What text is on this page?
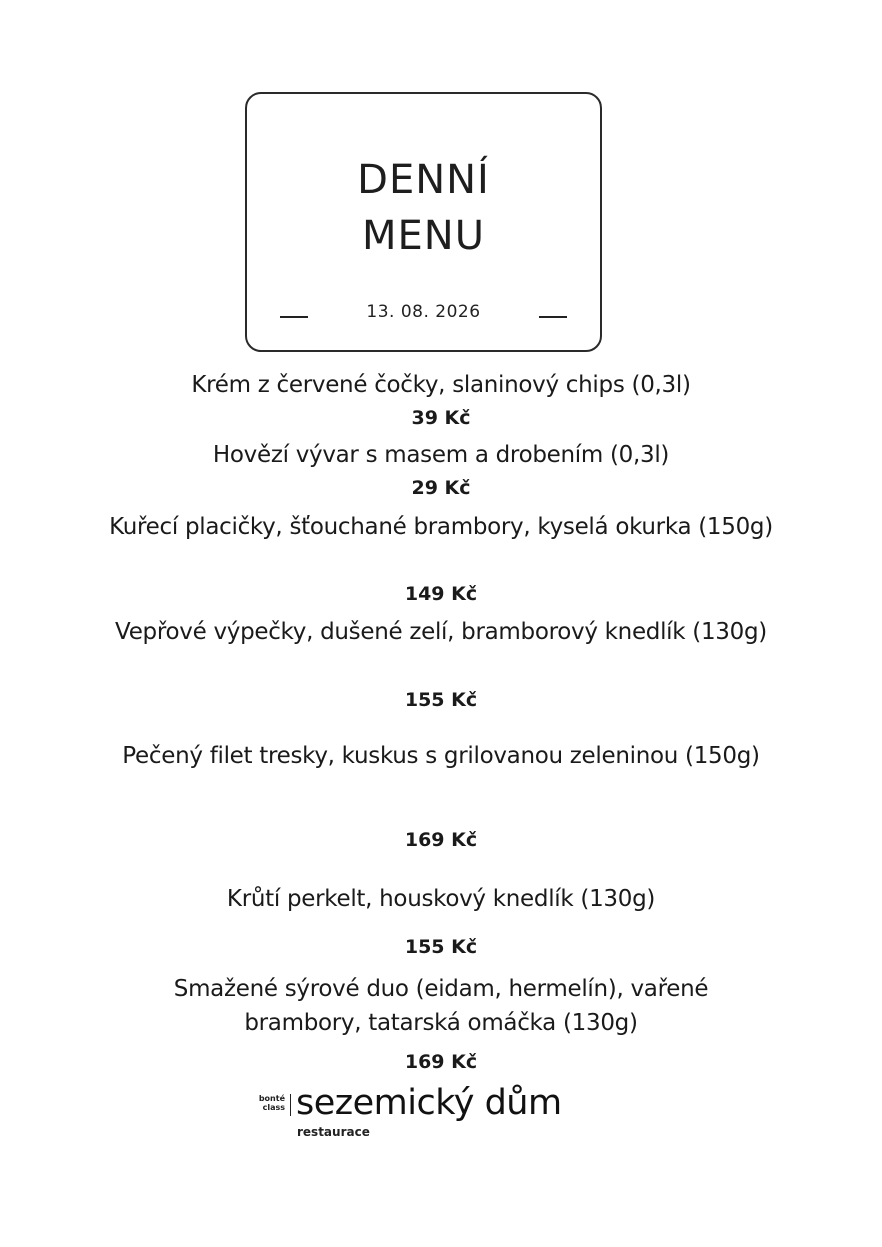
DENNÍ
MENU
13. 08. 2026
Krém z červené čočky, slaninový chips (0,3l)
39 Kč
Hovězí vývar s masem a drobením (0,3l)
29 Kč
Kuřecí placičky, šťouchané brambory, kyselá okurka (150g)
149 Kč
Vepřové výpečky, dušené zelí, bramborový knedlík (130g)
155 Kč
Pečený filet tresky, kuskus s grilovanou zeleninou (150g)
169 Kč
Krůtí perkelt, houskový knedlík (130g)
155 Kč
Smažené sýrové duo (eidam, hermelín), vařené brambory, tatarská omáčka (130g)
169 Kč
bonté
class sezemický dům
restaurace
